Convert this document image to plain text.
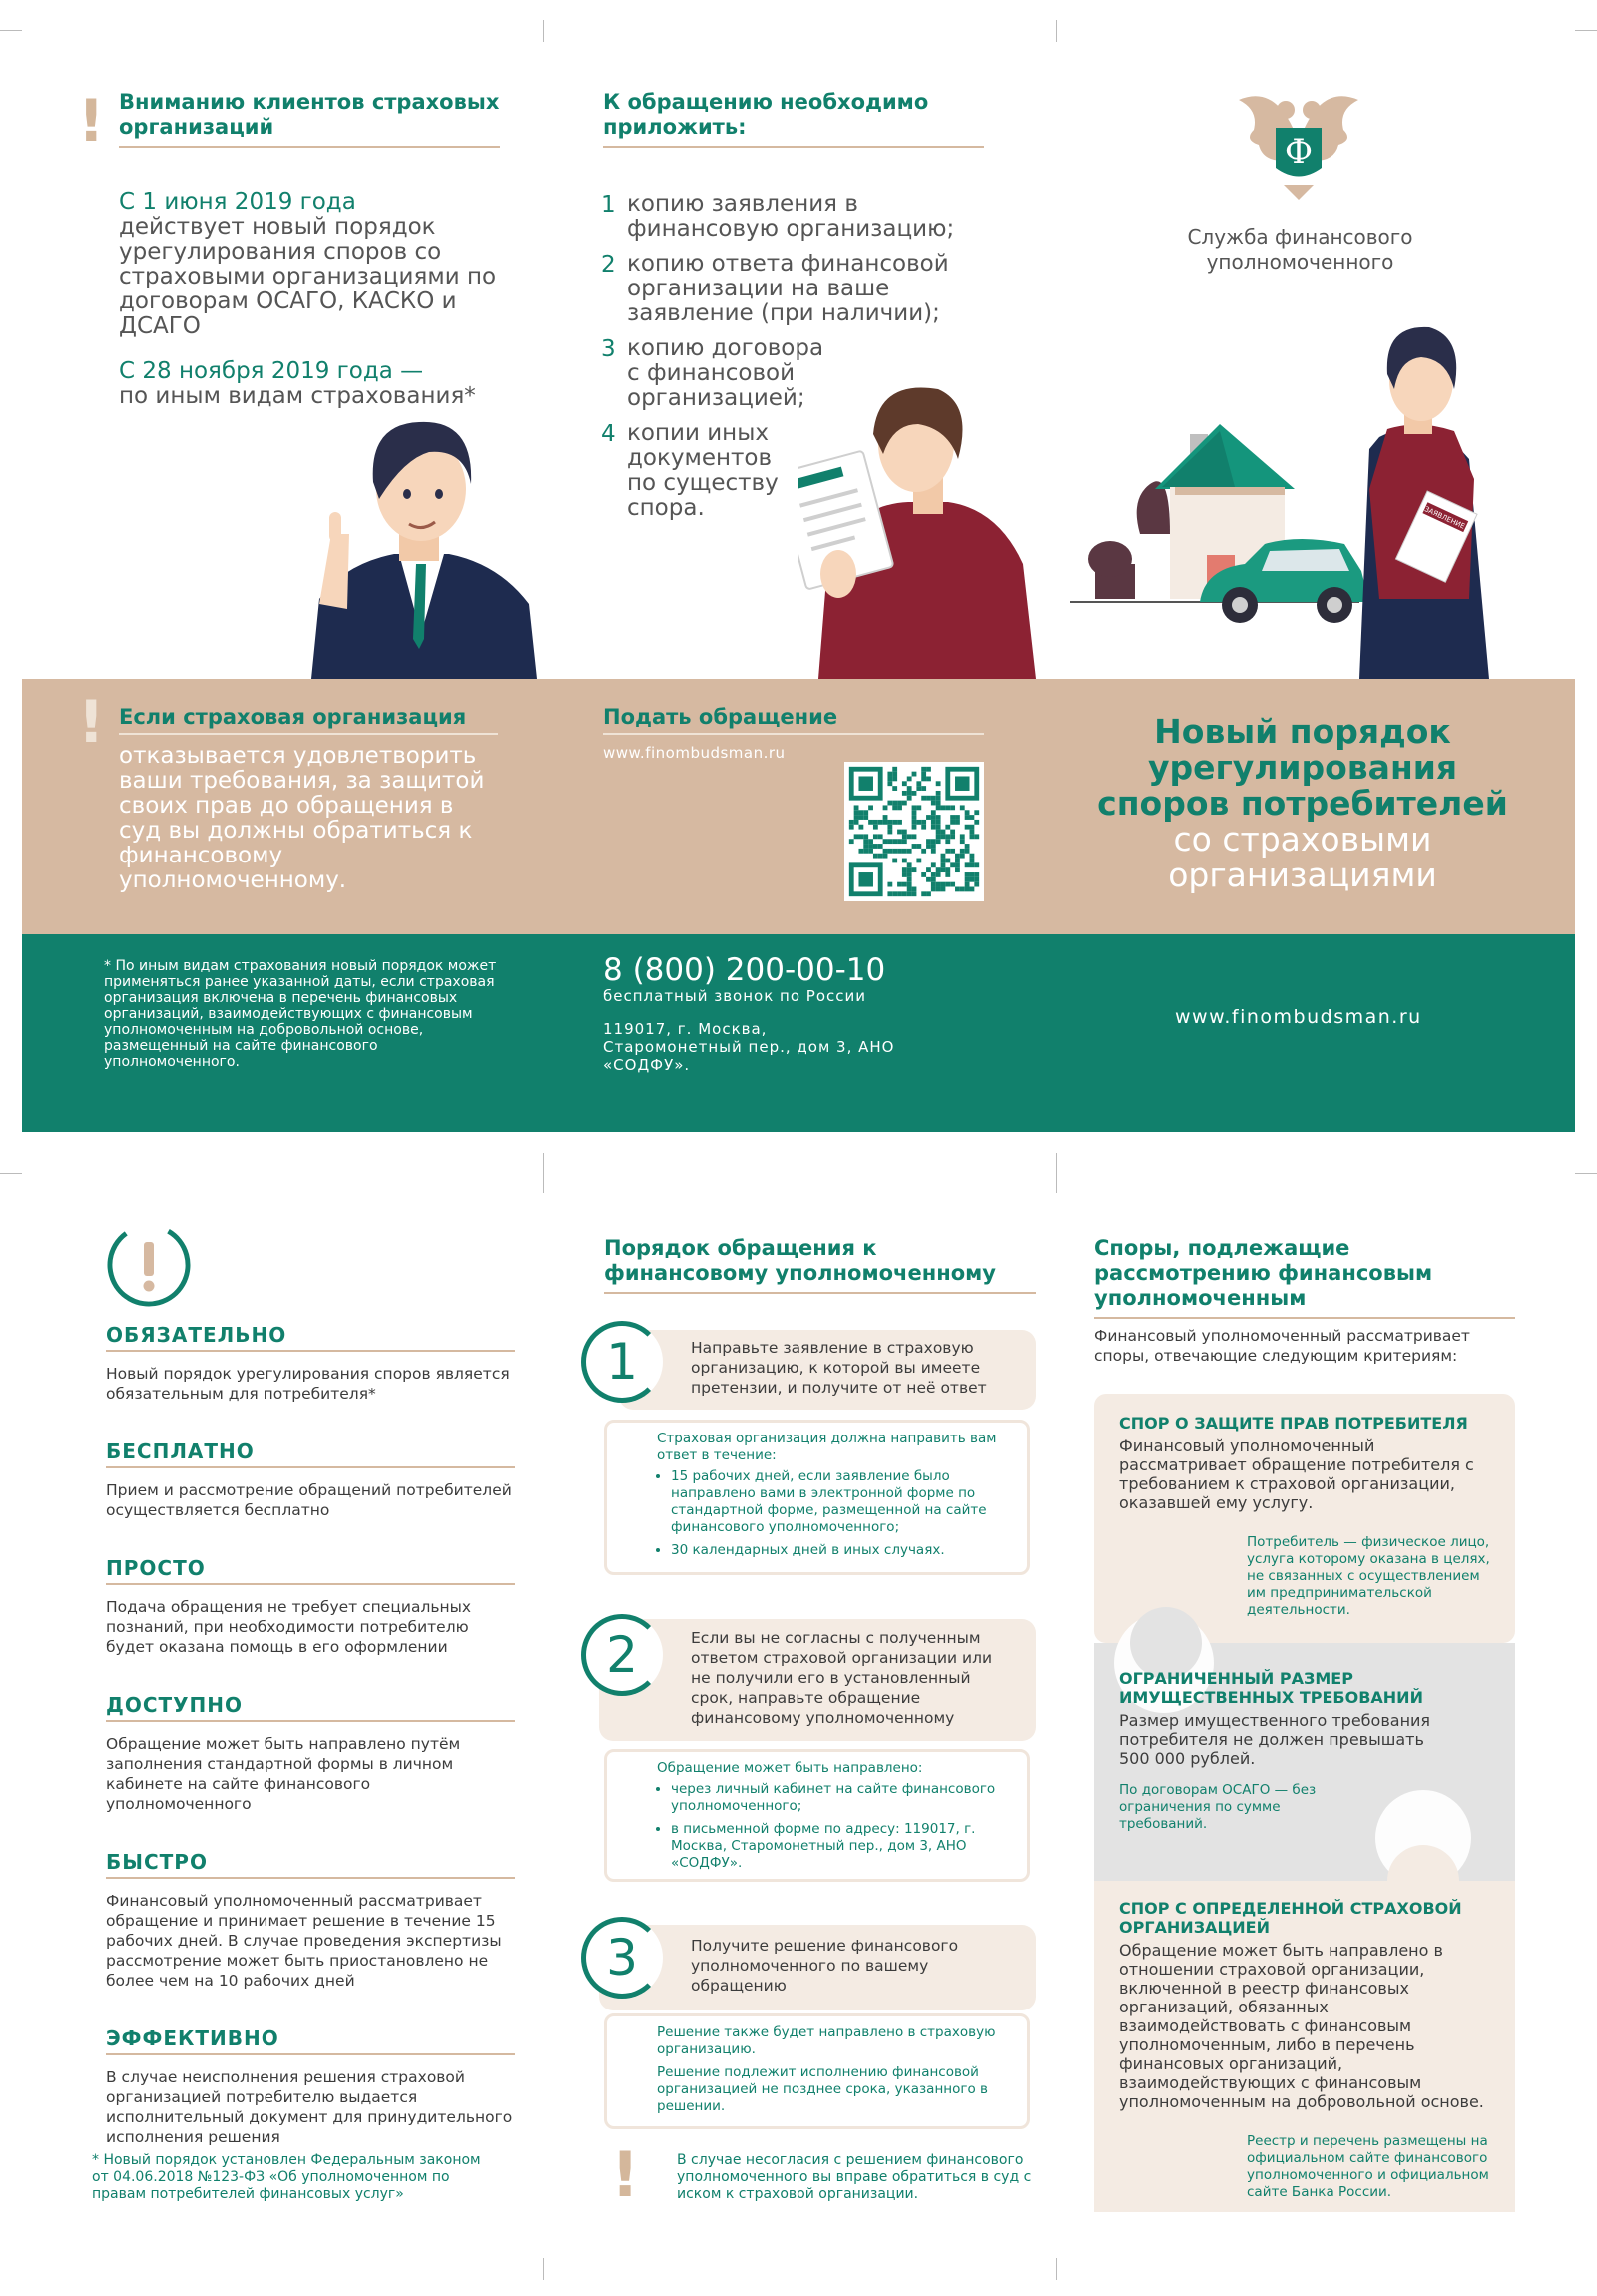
! Вниманию клиентов страховых организаций
С 1 июня 2019 года
действует новый порядок урегулирования споров со страховыми организациями по договорам ОСАГО, КАСКО и ДСАГО
С 28 ноября 2019 года —
по иным видам страхования*
К обращению необходимо приложить:
1 копию заявления в финансовую организацию;
2 копию ответа финансовой организации на ваше заявление (при наличии);
3 копию договора с финансовой организацией;
4 копии иных документов по существу спора.
Ф
Служба финансового уполномоченного
ЗАЯВЛЕНИЕ
! Если страховая организация
отказывается удовлетворить ваши требования, за защитой своих прав до обращения в суд вы должны обратиться к финансовому уполномоченному.
Подать обращение
www.finombudsman.ru
Новый порядок урегулирования споров потребителей
со страховыми организациями
* По иным видам страхования новый порядок может применяться ранее указанной даты, если страховая организация включена в перечень финансовых организаций, взаимодействующих с финансовым уполномоченным на добровольной основе, размещенный на сайте финансового уполномоченного.
8 (800) 200-00-10
бесплатный звонок по России
119017, г. Москва, Старомонетный пер., дом 3, АНО «СОДФУ».
www.finombudsman.ru
ОБЯЗАТЕЛЬНО
Новый порядок урегулирования споров является обязательным для потребителя*
БЕСПЛАТНО
Прием и рассмотрение обращений потребителей осуществляется бесплатно
ПРОСТО
Подача обращения не требует специальных познаний, при необходимости потребителю будет оказана помощь в его оформлении
ДОСТУПНО
Обращение может быть направлено путём заполнения стандартной формы в личном кабинете на сайте финансового уполномоченного
БЫСТРО
Финансовый уполномоченный рассматривает обращение и принимает решение в течение 15 рабочих дней. В случае проведения экспертизы рассмотрение может быть приостановлено не более чем на 10 рабочих дней
ЭФФЕКТИВНО
В случае неисполнения решения страховой организацией потребителю выдается исполнительный документ для принудительного исполнения решения
* Новый порядок установлен Федеральным законом от 04.06.2018 №123-ФЗ «Об уполномоченном по правам потребителей финансовых услуг»
Порядок обращения к финансовому уполномоченному
Направьте заявление в страховую организацию, к которой вы имеете претензии, и получите от неё ответ
1
Страховая организация должна направить вам ответ в течение:
• 15 рабочих дней, если заявление было направлено вами в электронной форме по стандартной форме, размещенной на сайте финансового уполномоченного;
• 30 календарных дней в иных случаях.
Если вы не согласны с полученным ответом страховой организации или не получили его в установленный срок, направьте обращение финансовому уполномоченному
2
Обращение может быть направлено:
• через личный кабинет на сайте финансового уполномоченного;
• в письменной форме по адресу: 119017, г. Москва, Старомонетный пер., дом 3, АНО «СОДФУ».
Получите решение финансового уполномоченного по вашему обращению
3
Решение также будет направлено в страховую организацию.
Решение подлежит исполнению финансовой организацией не позднее срока, указанного в решении.
!	В случае несогласия с решением финансового уполномоченного вы вправе обратиться в суд с иском к страховой организации.
Споры, подлежащие рассмотрению финансовым уполномоченным
Финансовый уполномоченный рассматривает споры, отвечающие следующим критериям:
СПОР О ЗАЩИТЕ ПРАВ ПОТРЕБИТЕЛЯ
Финансовый уполномоченный рассматривает обращение потребителя с требованием к страховой организации, оказавшей ему услугу.
Потребитель — физическое лицо, услуга которому оказана в целях, не связанных с осуществлением им предпринимательской деятельности.
ОГРАНИЧЕННЫЙ РАЗМЕР ИМУЩЕСТВЕННЫХ ТРЕБОВАНИЙ
Размер имущественного требования потребителя не должен превышать 500 000 рублей.
По договорам ОСАГО — без ограничения по сумме требований.
СПОР С ОПРЕДЕЛЕННОЙ СТРАХОВОЙ ОРГАНИЗАЦИЕЙ
Обращение может быть направлено в отношении страховой организации, включенной в реестр финансовых организаций, обязанных взаимодействовать с финансовым уполномоченным, либо в перечень финансовых организаций, взаимодействующих с финансовым уполномоченным на добровольной основе.
Реестр и перечень размещены на официальном сайте финансового уполномоченного и официальном сайте Банка России.
